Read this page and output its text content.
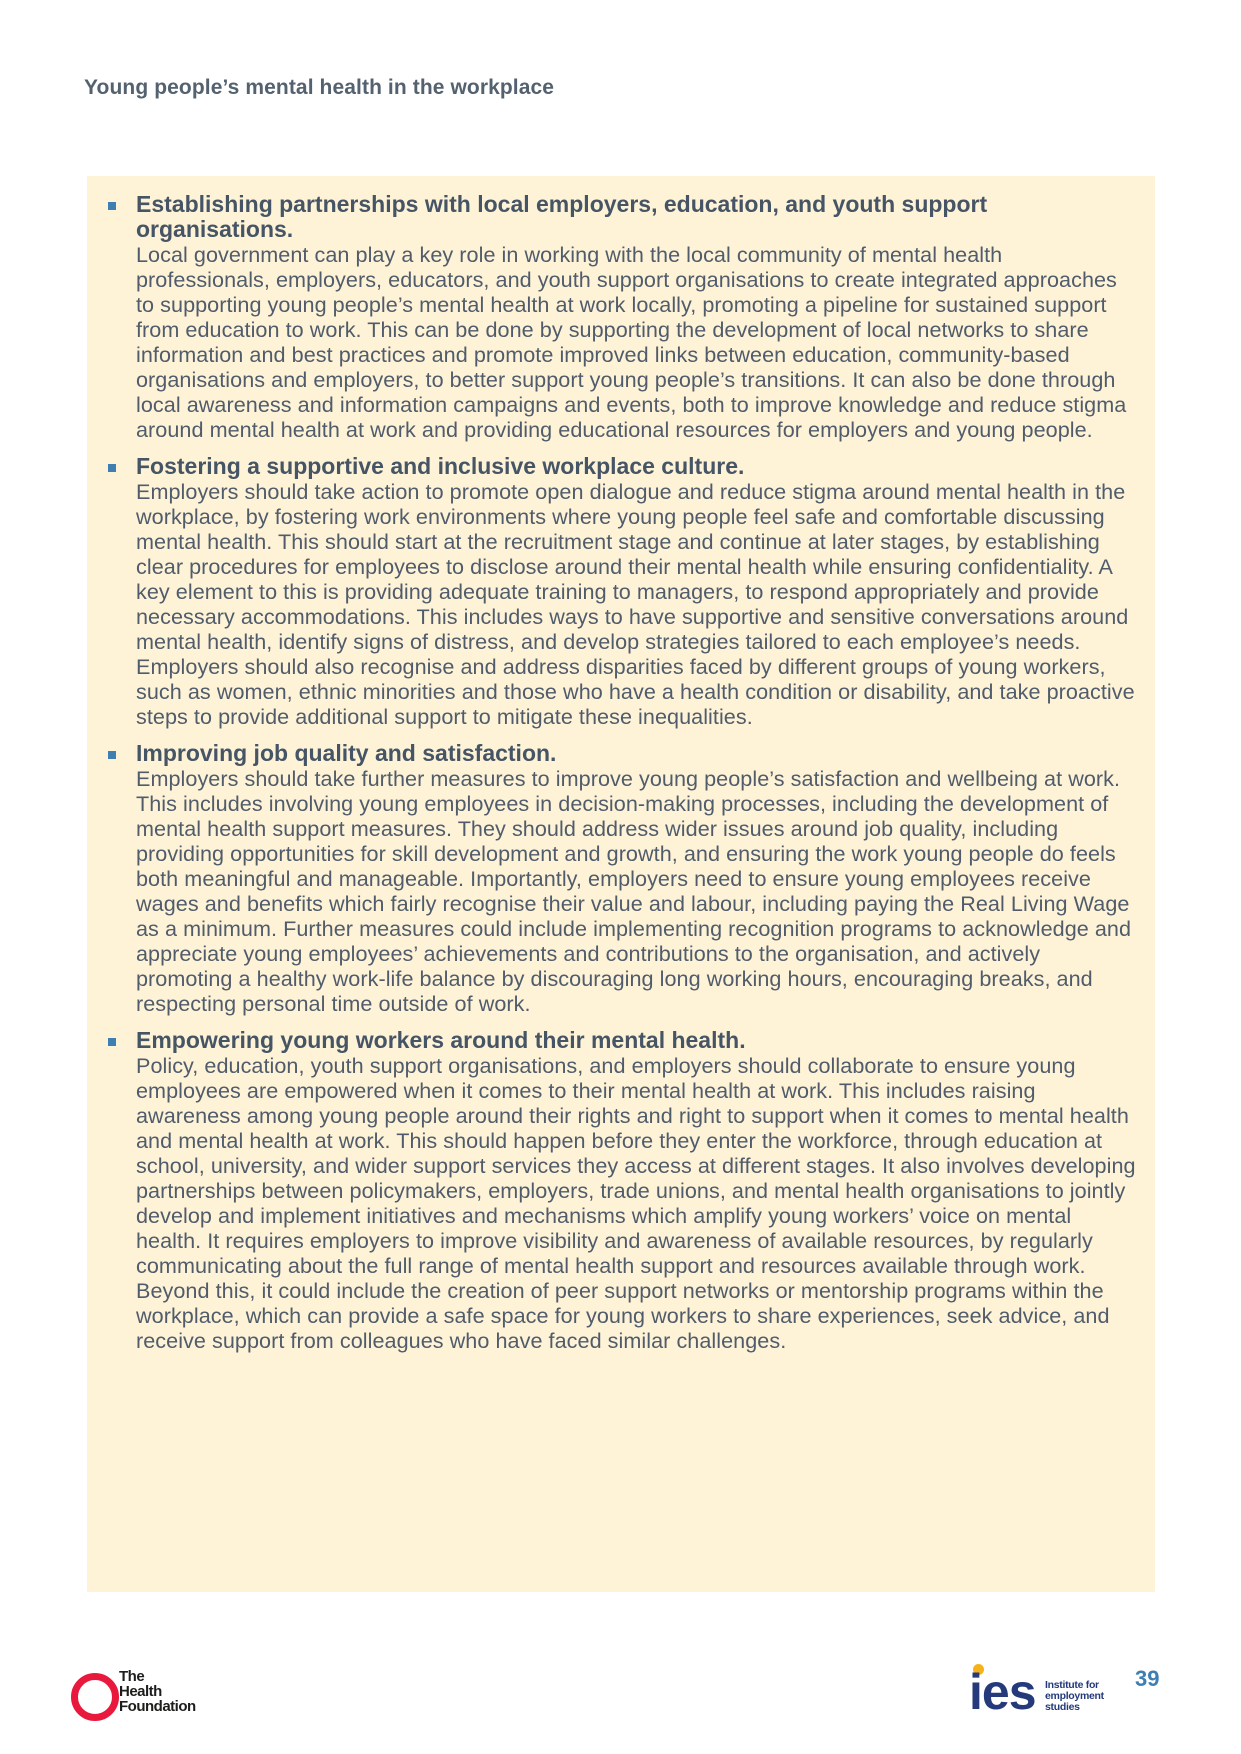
Young people’s mental health in the workplace

Establishing partnerships with local employers, education, and youth support organisations.

Local government can play a key role in working with the local community of mental health professionals, employers, educators, and youth support organisations to create integrated approaches to supporting young people’s mental health at work locally, promoting a pipeline for sustained support from education to work. This can be done by supporting the development of local networks to share information and best practices and promote improved links between education, community-based organisations and employers, to better support young people’s transitions. It can also be done through local awareness and information campaigns and events, both to improve knowledge and reduce stigma around mental health at work and providing educational resources for employers and young people.

Fostering a supportive and inclusive workplace culture.

Employers should take action to promote open dialogue and reduce stigma around mental health in the workplace, by fostering work environments where young people feel safe and comfortable discussing mental health. This should start at the recruitment stage and continue at later stages, by establishing clear procedures for employees to disclose around their mental health while ensuring confidentiality. A key element to this is providing adequate training to managers, to respond appropriately and provide necessary accommodations. This includes ways to have supportive and sensitive conversations around mental health, identify signs of distress, and develop strategies tailored to each employee’s needs. Employers should also recognise and address disparities faced by different groups of young workers, such as women, ethnic minorities and those who have a health condition or disability, and take proactive steps to provide additional support to mitigate these inequalities.

Improving job quality and satisfaction.

Employers should take further measures to improve young people’s satisfaction and wellbeing at work. This includes involving young employees in decision-making processes, including the development of mental health support measures. They should address wider issues around job quality, including providing opportunities for skill development and growth, and ensuring the work young people do feels both meaningful and manageable. Importantly, employers need to ensure young employees receive wages and benefits which fairly recognise their value and labour, including paying the Real Living Wage as a minimum. Further measures could include implementing recognition programs to acknowledge and appreciate young employees’ achievements and contributions to the organisation, and actively promoting a healthy work-life balance by discouraging long working hours, encouraging breaks, and respecting personal time outside of work.

Empowering young workers around their mental health.

Policy, education, youth support organisations, and employers should collaborate to ensure young employees are empowered when it comes to their mental health at work. This includes raising awareness among young people around their rights and right to support when it comes to mental health and mental health at work. This should happen before they enter the workforce, through education at school, university, and wider support services they access at different stages. It also involves developing partnerships between policymakers, employers, trade unions, and mental health organisations to jointly develop and implement initiatives and mechanisms which amplify young workers’ voice on mental health. It requires employers to improve visibility and awareness of available resources, by regularly communicating about the full range of mental health support and resources available through work. Beyond this, it could include the creation of peer support networks or mentorship programs within the workplace, which can provide a safe space for young workers to share experiences, seek advice, and receive support from colleagues who have faced similar challenges.

The
Health
Foundation	ies Institute for
employment
studies
39
